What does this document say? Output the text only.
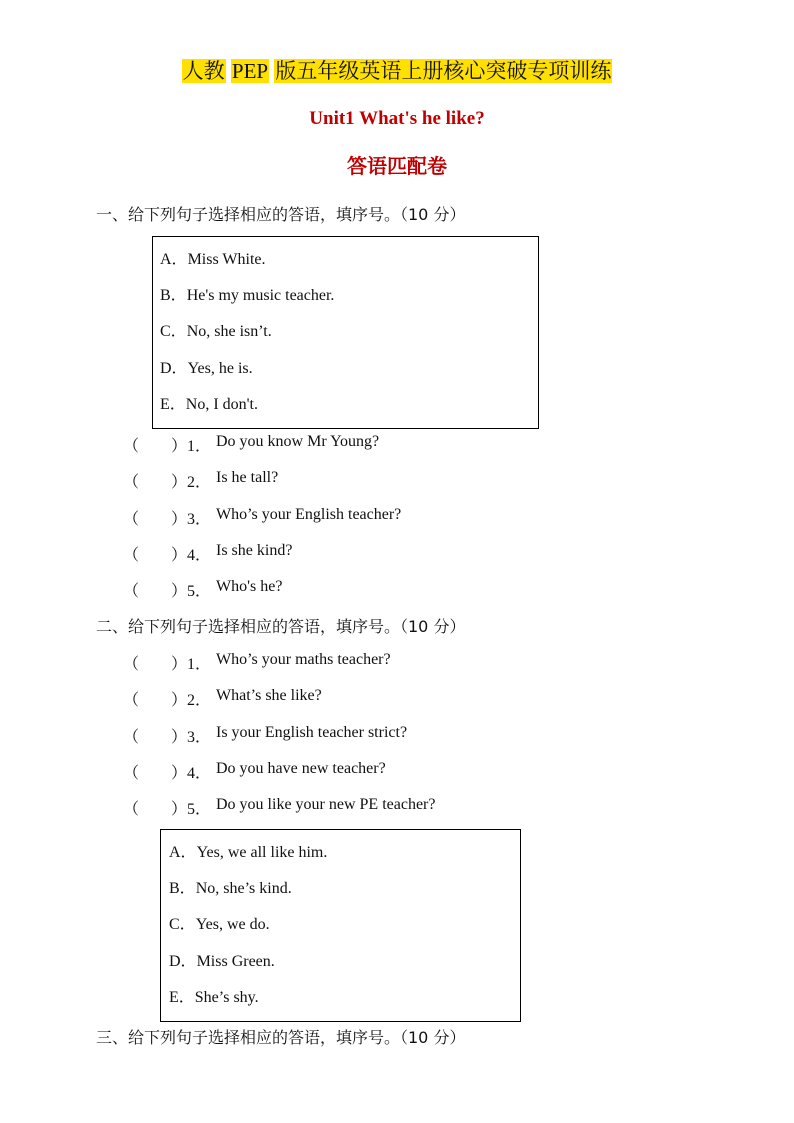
人教 PEP 版五年级英语上册核心突破专项训练
Unit1 What's he like?
答语匹配卷
一、给下列句子选择相应的答语，填序号。（10 分）
A．Miss White.
B．He's my music teacher.
C．No, she isn’t.
D．Yes, he is.
E．No, I don't.
（ ） 1． Do you know Mr Young?
（ ） 2． Is he tall?
（ ） 3． Who’s your English teacher?
（ ） 4． Is she kind?
（ ） 5． Who's he?
二、给下列句子选择相应的答语，填序号。（10 分）
（ ） 1． Who’s your maths teacher?
（ ） 2． What’s she like?
（ ） 3． Is your English teacher strict?
（ ） 4． Do you have new teacher?
（ ） 5． Do you like your new PE teacher?
A．Yes, we all like him.
B．No, she’s kind.
C．Yes, we do.
D．Miss Green.
E．She’s shy.
三、给下列句子选择相应的答语，填序号。（10 分）
